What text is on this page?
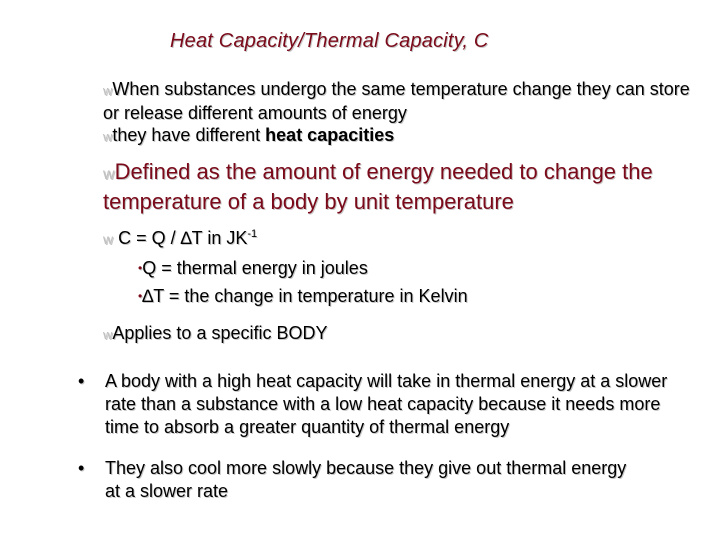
Heat Capacity/Thermal Capacity, C
wWhen substances undergo the same temperature change they can store or release different amounts of energy
wthey have different heat capacities
wDefined as the amount of energy needed to change the temperature of a body by unit temperature
w C = Q / ∆T in $JK^{-1}$
•Q = thermal energy in joules
•∆T = the change in temperature in Kelvin
wApplies to a specific BODY
• A body with a high heat capacity will take in thermal energy at a slower rate than a substance with a low heat capacity because it needs more time to absorb a greater quantity of thermal energy
• They also cool more slowly because they give out thermal energy at a slower rate
